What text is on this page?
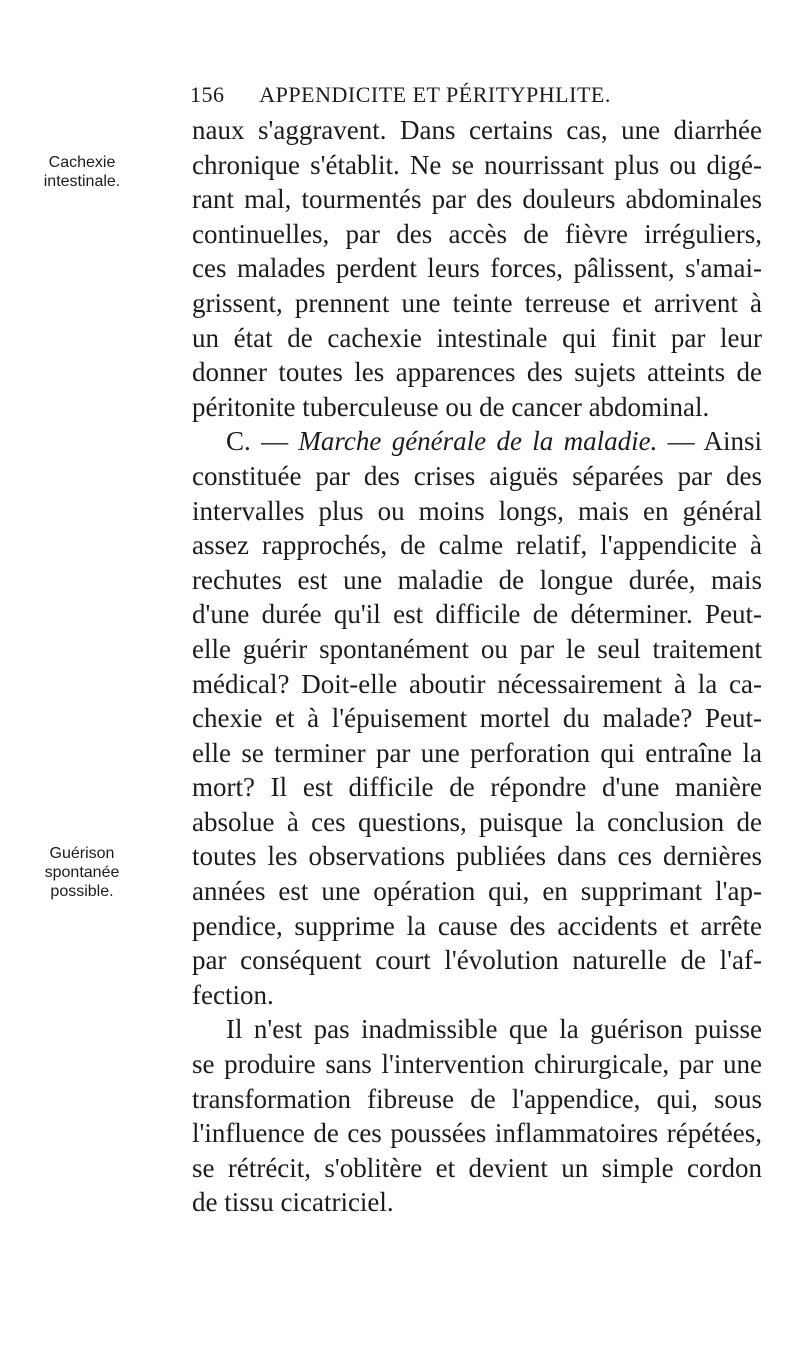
156 APPENDICITE ET PÉRITYPHLITE.
Cachexie
intestinale.
Guérison
spontanée
possible.
naux s'aggravent. Dans certains cas, une diarrhée
chronique s'établit. Ne se nourrissant plus ou digé-
rant mal, tourmentés par des douleurs abdominales
continuelles, par des accès de fièvre irréguliers,
ces malades perdent leurs forces, pâlissent, s'amai-
grissent, prennent une teinte terreuse et arrivent à
un état de cachexie intestinale qui finit par leur
donner toutes les apparences des sujets atteints de
péritonite tuberculeuse ou de cancer abdominal.
C. — Marche générale de la maladie. — Ainsi
constituée par des crises aiguës séparées par des
intervalles plus ou moins longs, mais en général
assez rapprochés, de calme relatif, l'appendicite à
rechutes est une maladie de longue durée, mais
d'une durée qu'il est difficile de déterminer. Peut-
elle guérir spontanément ou par le seul traitement
médical? Doit-elle aboutir nécessairement à la ca-
chexie et à l'épuisement mortel du malade? Peut-
elle se terminer par une perforation qui entraîne la
mort? Il est difficile de répondre d'une manière
absolue à ces questions, puisque la conclusion de
toutes les observations publiées dans ces dernières
années est une opération qui, en supprimant l'ap-
pendice, supprime la cause des accidents et arrête
par conséquent court l'évolution naturelle de l'af-
fection.
Il n'est pas inadmissible que la guérison puisse
se produire sans l'intervention chirurgicale, par une
transformation fibreuse de l'appendice, qui, sous
l'influence de ces poussées inflammatoires répétées,
se rétrécit, s'oblitère et devient un simple cordon
de tissu cicatriciel.
